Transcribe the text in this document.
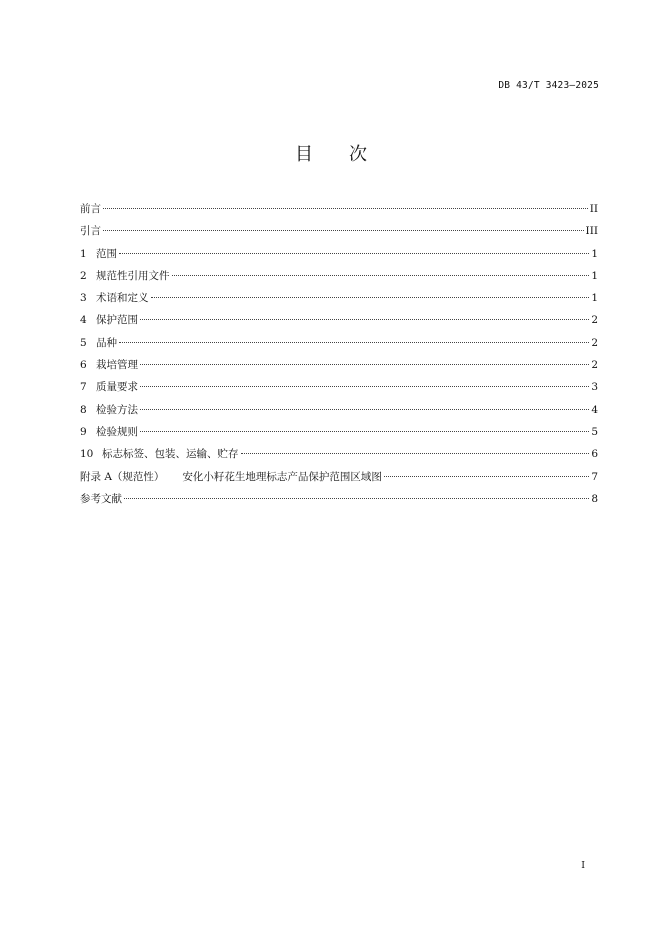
DB 43/T 3423—2025
目 次
前言	II
引言	III
1 范围	1
2 规范性引用文件	1
3 术语和定义	1
4 保护范围	2
5 品种	2
6 栽培管理	2
7 质量要求	3
8 检验方法	4
9 检验规则	5
10 标志标签、包装、运输、贮存	6
附录 A（规范性） 安化小籽花生地理标志产品保护范围区域图	7
参考文献	8
I
